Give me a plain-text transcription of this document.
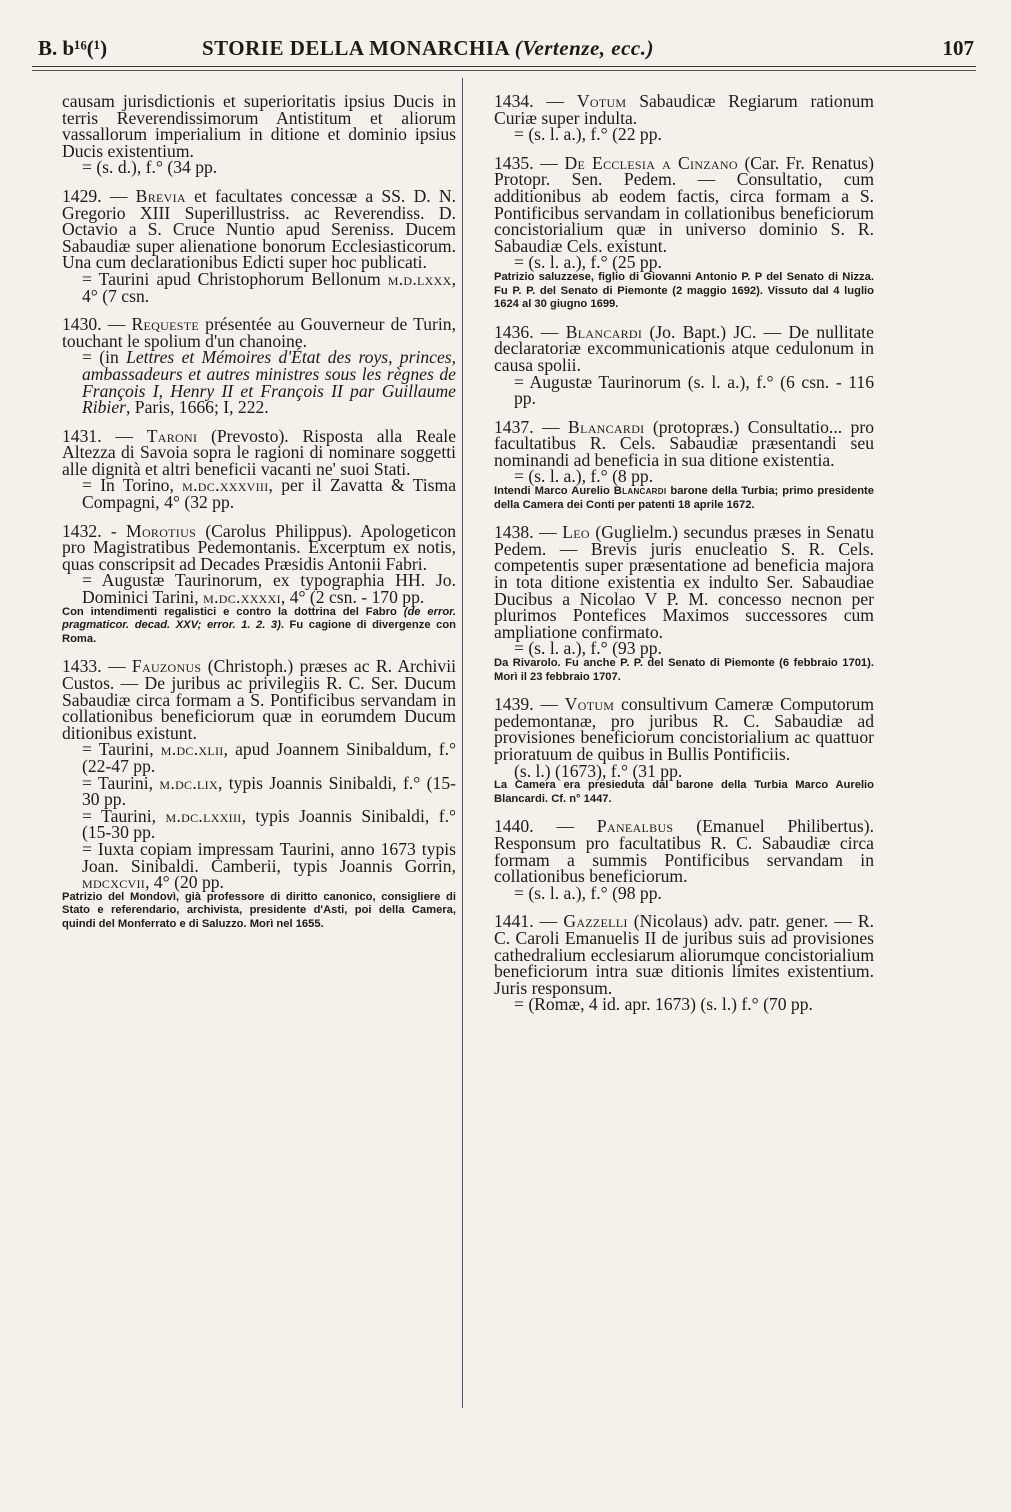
B. b¹⁶(¹)	STORIE DELLA MONARCHIA (Vertenze, ecc.)	107

causam jurisdictionis et superioritatis ipsius Ducis in terris Reverendissimorum Antistitum et aliorum vassallorum imperialium in ditione et dominio ipsius Ducis existentium.

= (s. d.), f.° (34 pp.

1429. — Brevia et facultates concessæ a SS. D. N. Gregorio XIII Superillustriss. ac Reverendiss. D. Octavio a S. Cruce Nuntio apud Sereniss. Ducem Sabaudiæ super alienatione bonorum Ecclesiasticorum. Una cum declarationibus Edicti super hoc publicati.

= Taurini apud Christophorum Bellonum m.d.lxxx, 4° (7 csn.

1430. — Requeste présentée au Gouverneur de Turin, touchant le spolium d'un chanoine.

= (in Lettres et Mémoires d'État des roys, princes, ambassadeurs et autres ministres sous les règnes de François I, Henry II et François II par Guillaume Ribier, Paris, 1666; I, 222.

1431. — Taroni (Prevosto). Risposta alla Reale Altezza di Savoia sopra le ragioni di nominare soggetti alle dignità et altri beneficii vacanti ne' suoi Stati.

= In Torino, m.dc.xxxviii, per il Zavatta & Tisma Compagni, 4° (32 pp.

1432. - Morotius (Carolus Philippus). Apologeticon pro Magistratibus Pedemontanis. Excerptum ex notis, quas conscripsit ad Decades Præsidis Antonii Fabri.

= Augustæ Taurinorum, ex typographia HH. Jo. Dominici Tarini, m.dc.xxxxi, 4° (2 csn. - 170 pp.

Con intendimenti regalistici e contro la dottrina del Fabro (de error. pragmaticor. decad. XXV; error. 1. 2. 3). Fu cagione di divergenze con Roma.

1433. — Fauzonus (Christoph.) præses ac R. Archivii Custos. — De juribus ac privilegiis R. C. Ser. Ducum Sabaudiæ circa formam a S. Pontificibus servandam in collationibus beneficiorum quæ in eorumdem Ducum ditionibus existunt.

= Taurini, m.dc.xlii, apud Joannem Sinibaldum, f.° (22-47 pp.

= Taurini, m.dc.lix, typis Joannis Sinibaldi, f.° (15-30 pp.

= Taurini, m.dc.lxxiii, typis Joannis Sinibaldi, f.° (15-30 pp.

= Iuxta copiam impressam Taurini, anno 1673 typis Joan. Sinibaldi. Camberii, typis Joannis Gorrin, mdcxcvii, 4° (20 pp.

Patrizio del Mondovì, già professore di diritto canonico, consigliere di Stato e referendario, archivista, presidente d'Asti, poi della Camera, quindi del Monferrato e di Saluzzo. Morì nel 1655.

1434. — Votum Sabaudicæ Regiarum rationum Curiæ super indulta.

= (s. l. a.), f.° (22 pp.

1435. — De Ecclesia a Cinzano (Car. Fr. Renatus) Protopr. Sen. Pedem. — Consultatio, cum additionibus ab eodem factis, circa formam a S. Pontificibus servandam in collationibus beneficiorum concistorialium quæ in universo dominio S. R. Sabaudiæ Cels. existunt.

= (s. l. a.), f.° (25 pp.

Patrizio saluzzese, figlio di Giovanni Antonio P. P del Senato di Nizza. Fu P. P. del Senato di Piemonte (2 maggio 1692). Vissuto dal 4 luglio 1624 al 30 giugno 1699.

1436. — Blancardi (Jo. Bapt.) JC. — De nullitate declaratoriæ excommunicationis atque cedulonum in causa spolii.

= Augustæ Taurinorum (s. l. a.), f.° (6 csn. - 116 pp.

1437. — Blancardi (protopræs.) Consultatio... pro facultatibus R. Cels. Sabaudiæ præsentandi seu nominandi ad beneficia in sua ditione existentia.

= (s. l. a.), f.° (8 pp.

Intendi Marco Aurelio Blancardi barone della Turbia; primo presidente della Camera dei Conti per patenti 18 aprile 1672.

1438. — Leo (Guglielm.) secundus præses in Senatu Pedem. — Brevis juris enucleatio S. R. Cels. competentis super præsentatione ad beneficia majora in tota ditione existentia ex indulto Ser. Sabaudiae Ducibus a Nicolao V P. M. concesso necnon per plurimos Pontefices Maximos successores cum ampliatione confirmato.

= (s. l. a.), f.° (93 pp.

Da Rivarolo. Fu anche P. P. del Senato di Piemonte (6 febbraio 1701). Morì il 23 febbraio 1707.

1439. — Votum consultivum Cameræ Computorum pedemontanæ, pro juribus R. C. Sabaudiæ ad provisiones beneficiorum concistorialium ac quattuor prioratuum de quibus in Bullis Pontificiis.

(s. l.) (1673), f.° (31 pp.

La Camera era presieduta dal barone della Turbia Marco Aurelio Blancardi. Cf. n° 1447.

1440. — Panealbus (Emanuel Philibertus). Responsum pro facultatibus R. C. Sabaudiæ circa formam a summis Pontificibus servandam in collationibus beneficiorum.

= (s. l. a.), f.° (98 pp.

1441. — Gazzelli (Nicolaus) adv. patr. gener. — R. C. Caroli Emanuelis II de juribus suis ad provisiones cathedralium ecclesiarum aliorumque concistorialium beneficiorum intra suæ ditionis limites existentium. Juris responsum.

= (Romæ, 4 id. apr. 1673) (s. l.) f.° (70 pp.
